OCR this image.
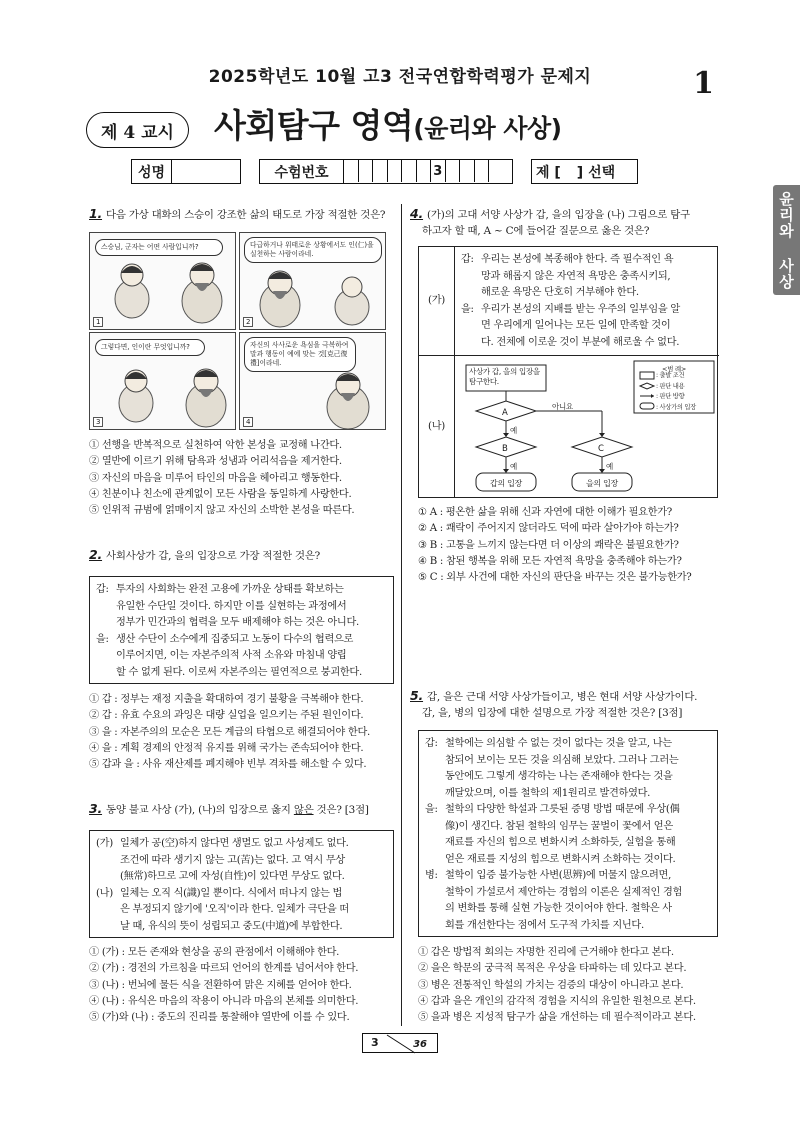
2025학년도 10월 고3 전국연합학력평가 문제지	1
제 4 교시	사회탐구 영역(윤리와 사상)
윤리와 사상
성명	수험번호	3	제 [ ] 선택
1. 다음 가상 대화의 스승이 강조한 삶의 태도로 가장 적절한 것은?
스승님, 군자는 어떤 사람입니까?
1
다급하거나 위태로운 상황에서도 인(仁)을 실천하는 사람이라네.
2
그렇다면, 인이란 무엇입니까?
3
자신의 사사로운 욕심을 극복하여 말과 행동이 예에 맞는 것[克己復禮]이라네.
4
① 선행을 반복적으로 실천하여 악한 본성을 교정해 나간다.
② 열반에 이르기 위해 탐욕과 성냄과 어리석음을 제거한다.
③ 자신의 마음을 미루어 타인의 마음을 헤아리고 행동한다.
④ 친분이나 친소에 관계없이 모든 사람을 동일하게 사랑한다.
⑤ 인위적 규범에 얽매이지 않고 자신의 소박한 본성을 따른다.
2. 사회사상가 갑, 을의 입장으로 가장 적절한 것은?
갑: 투자의 사회화는 완전 고용에 가까운 상태를 확보하는
유일한 수단일 것이다. 하지만 이를 실현하는 과정에서
정부가 민간과의 협력을 모두 배제해야 하는 것은 아니다.
을: 생산 수단이 소수에게 집중되고 노동이 다수의 협력으로
이루어지면, 이는 자본주의적 사적 소유와 마침내 양립
할 수 없게 된다. 이로써 자본주의는 필연적으로 붕괴한다.
① 갑 : 정부는 재정 지출을 확대하여 경기 불황을 극복해야 한다.
② 갑 : 유효 수요의 과잉은 대량 실업을 일으키는 주된 원인이다.
③ 을 : 자본주의의 모순은 모든 계급의 타협으로 해결되어야 한다.
④ 을 : 계획 경제의 안정적 유지를 위해 국가는 존속되어야 한다.
⑤ 갑과 을 : 사유 재산제를 폐지해야 빈부 격차를 해소할 수 있다.
3. 동양 불교 사상 (가), (나)의 입장으로 옳지 않은 것은? [3점]
(가) 일체가 공(空)하지 않다면 생멸도 없고 사성제도 없다.
조건에 따라 생기지 않는 고(苦)는 없다. 고 역시 무상
(無常)하므로 고에 자성(自性)이 있다면 무상도 없다.
(나) 일체는 오직 식(識)일 뿐이다. 식에서 떠나지 않는 법
은 부정되지 않기에 '오직'이라 한다. 일체가 극단을 떠
날 때, 유식의 뜻이 성립되고 중도(中道)에 부합한다.
① (가) : 모든 존재와 현상을 공의 관점에서 이해해야 한다.
② (가) : 경전의 가르침을 따르되 언어의 한계를 넘어서야 한다.
③ (나) : 번뇌에 물든 식을 전환하여 맑은 지혜를 얻어야 한다.
④ (나) : 유식은 마음의 작용이 아니라 마음의 본체를 의미한다.
⑤ (가)와 (나) : 중도의 진리를 통찰해야 열반에 이를 수 있다.
4. (가)의 고대 서양 사상가 갑, 을의 입장을 (나) 그림으로 탐구
하고자 할 때, A ~ C에 들어갈 질문으로 옳은 것은?
(가)
갑: 우리는 본성에 복종해야 한다. 즉 필수적인 욕
망과 해롭지 않은 자연적 욕망은 충족시키되,
해로운 욕망은 단호히 거부해야 한다.
을: 우리가 본성의 지배를 받는 우주의 일부임을 알
면 우리에게 일어나는 모든 일에 만족할 것이
다. 전체에 이로운 것이 부분에 해로울 수 없다.
(나)
사상가 갑, 을의 입장을 탐구한다.
A
B	C
아니요
예
예	예
갑의 입장	을의 입장
<범 례>
: 출발 조건
: 판단 내용
: 판단 방향
: 사상가의 입장
① A : 평온한 삶을 위해 신과 자연에 대한 이해가 필요한가?
② A : 쾌락이 주어지지 않더라도 덕에 따라 살아가야 하는가?
③ B : 고통을 느끼지 않는다면 더 이상의 쾌락은 불필요한가?
④ B : 참된 행복을 위해 모든 자연적 욕망을 충족해야 하는가?
⑤ C : 외부 사건에 대한 자신의 판단을 바꾸는 것은 불가능한가?
5. 갑, 을은 근대 서양 사상가들이고, 병은 현대 서양 사상가이다.
갑, 을, 병의 입장에 대한 설명으로 가장 적절한 것은? [3점]
갑: 철학에는 의심할 수 없는 것이 없다는 것을 알고, 나는
참되어 보이는 모든 것을 의심해 보았다. 그러나 그러는
동안에도 그렇게 생각하는 나는 존재해야 한다는 것을
깨달았으며, 이를 철학의 제1원리로 발견하였다.
을: 철학의 다양한 학설과 그릇된 증명 방법 때문에 우상(偶
像)이 생긴다. 참된 철학의 임무는 꿀벌이 꽃에서 얻은
재료를 자신의 힘으로 변화시켜 소화하듯, 실험을 통해
얻은 재료를 지성의 힘으로 변화시켜 소화하는 것이다.
병: 철학이 입증 불가능한 사변(思辨)에 머물지 않으려면,
철학이 가설로서 제안하는 경험의 이론은 실제적인 경험
의 변화를 통해 실현 가능한 것이어야 한다. 철학은 사
회를 개선한다는 점에서 도구적 가치를 지닌다.
① 갑은 방법적 회의는 자명한 진리에 근거해야 한다고 본다.
② 을은 학문의 궁극적 목적은 우상을 타파하는 데 있다고 본다.
③ 병은 전통적인 학설의 가치는 검증의 대상이 아니라고 본다.
④ 갑과 을은 개인의 감각적 경험을 지식의 유일한 원천으로 본다.
⑤ 을과 병은 지성적 탐구가 삶을 개선하는 데 필수적이라고 본다.
3	36
